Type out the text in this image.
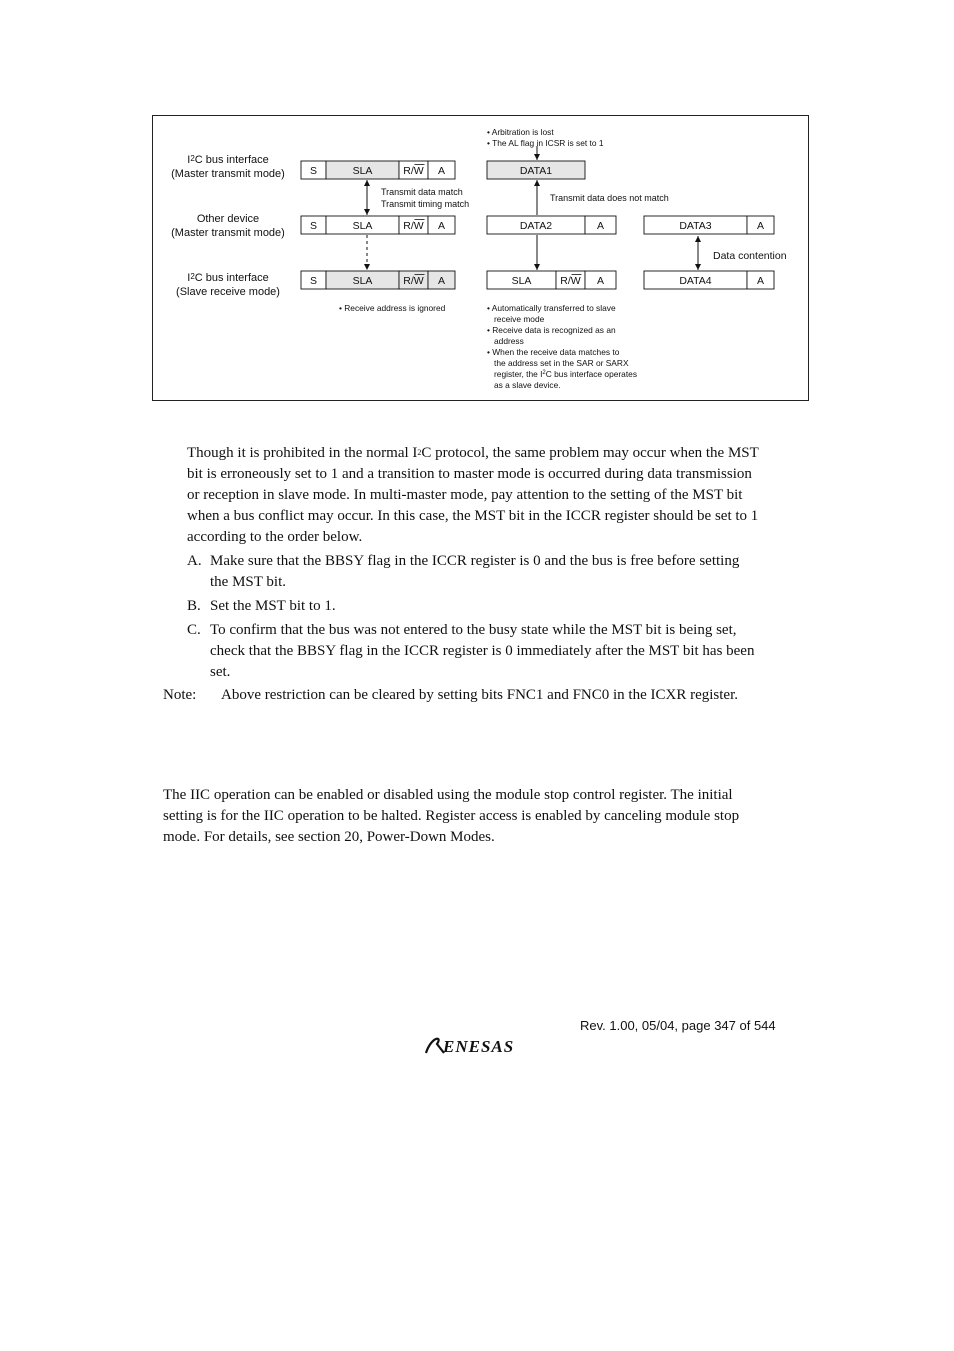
S	SLA	R/W A	DATA1
S	SLA	R/W A	DATA2	A	DATA3	A
S	SLA	R/W A	SLA	R/W A	DATA4	A
• Arbitration is lost
• The AL flag in ICSR is set to 1
$I^2C$ bus interface
(Master transmit mode)
Other device
(Master transmit mode)
$I^2C$ bus interface
(Slave receive mode)
Transmit data match
Transmit timing match
Transmit data does not match
Data contention
• Receive address is ignored	• Automatically transferred to slave
receive mode
• Receive data is recognized as an
address
• When the receive data matches to
the address set in the SAR or SARX
register, the $I^2C$ bus interface operates
as a slave device.
Though it is prohibited in the normal $I^2C$ protocol, the same problem may occur when the MST
bit is erroneously set to 1 and a transition to master mode is occurred during data transmission
or reception in slave mode. In multi-master mode, pay attention to the setting of the MST bit
when a bus conflict may occur. In this case, the MST bit in the ICCR register should be set to 1
according to the order below.
A. Make sure that the BBSY flag in the ICCR register is 0 and the bus is free before setting
the MST bit.
B. Set the MST bit to 1.
C. To confirm that the bus was not entered to the busy state while the MST bit is being set,
check that the BBSY flag in the ICCR register is 0 immediately after the MST bit has been
set.
Note: Above restriction can be cleared by setting bits FNC1 and FNC0 in the ICXR register.
The IIC operation can be enabled or disabled using the module stop control register. The initial
setting is for the IIC operation to be halted. Register access is enabled by canceling module stop
mode. For details, see section 20, Power-Down Modes.
Rev. 1.00, 05/04, page 347 of 544
ENESAS
